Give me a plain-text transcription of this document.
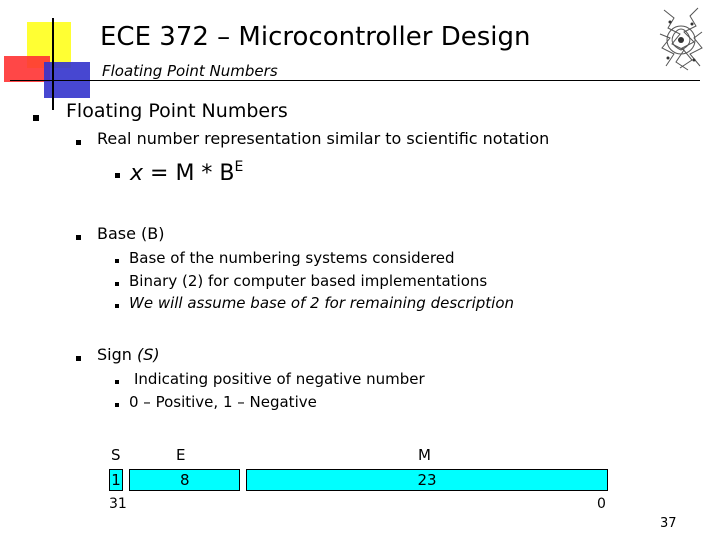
ECE 372 – Microcontroller Design
Floating Point Numbers
Floating Point Numbers
Real number representation similar to scientific notation
$x = M * B^E$
Base (B)
Base of the numbering systems considered
Binary (2) for computer based implementations
We will assume base of 2 for remaining description
Sign (S)
Indicating positive of negative number
0 – Positive, 1 – Negative
S	E	M
1	8	23
31	0
37
